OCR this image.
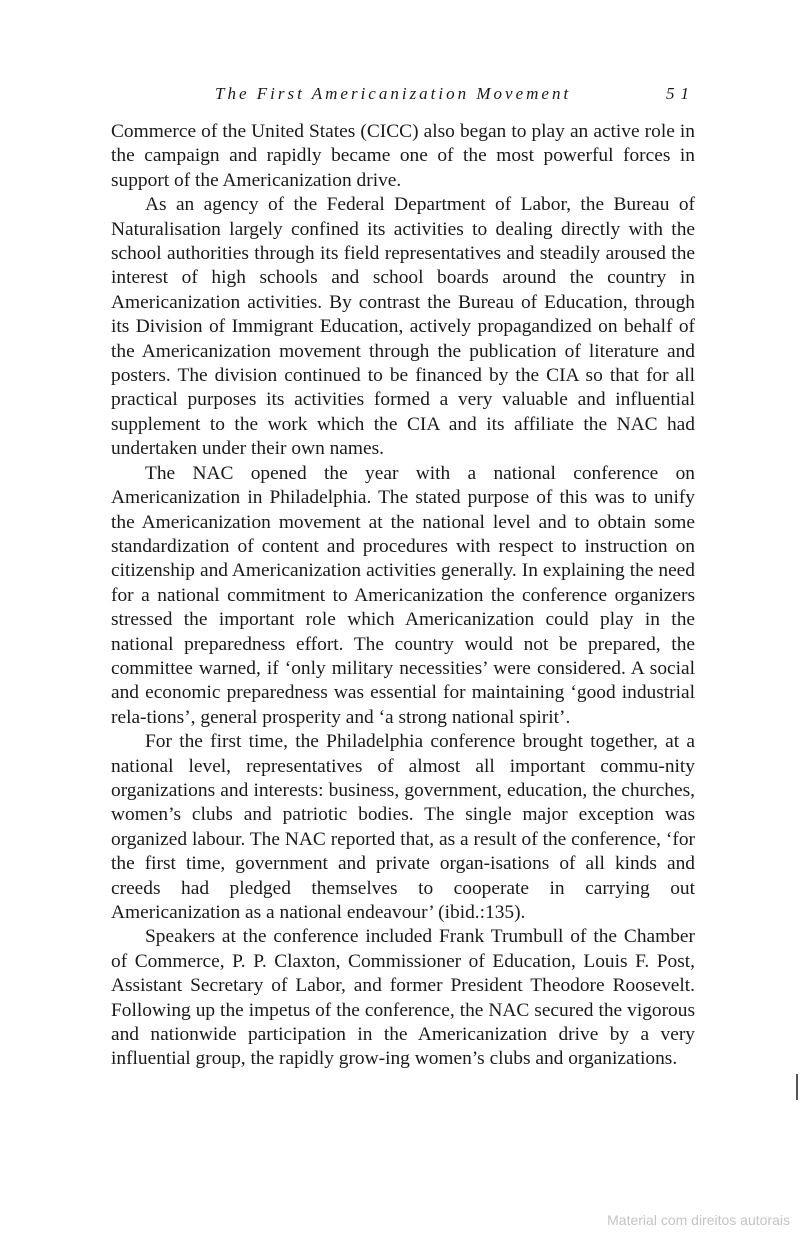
The First Americanization Movement	51

Commerce of the United States (CICC) also began to play an active role in the campaign and rapidly became one of the most powerful forces in support of the Americanization drive.

As an agency of the Federal Department of Labor, the Bureau of Naturalisation largely confined its activities to dealing directly with the school authorities through its field representatives and steadily aroused the interest of high schools and school boards around the country in Americanization activities. By contrast the Bureau of Education, through its Division of Immigrant Education, actively propagandized on behalf of the Americanization movement through the publication of literature and posters. The division continued to be financed by the CIA so that for all practical purposes its activities formed a very valuable and influential supplement to the work which the CIA and its affiliate the NAC had undertaken under their own names.

The NAC opened the year with a national conference on Americanization in Philadelphia. The stated purpose of this was to unify the Americanization movement at the national level and to obtain some standardization of content and procedures with respect to instruction on citizenship and Americanization activities generally. In explaining the need for a national commitment to Americanization the conference organizers stressed the important role which Americanization could play in the national preparedness effort. The country would not be prepared, the committee warned, if ‘only military necessities’ were considered. A social and economic preparedness was essential for maintaining ‘good industrial rela-tions’, general prosperity and ‘a strong national spirit’.

For the first time, the Philadelphia conference brought together, at a national level, representatives of almost all important commu-nity organizations and interests: business, government, education, the churches, women’s clubs and patriotic bodies. The single major exception was organized labour. The NAC reported that, as a result of the conference, ‘for the first time, government and private organ-isations of all kinds and creeds had pledged themselves to cooperate in carrying out Americanization as a national endeavour’ (ibid.:135).

Speakers at the conference included Frank Trumbull of the Chamber of Commerce, P. P. Claxton, Commissioner of Education, Louis F. Post, Assistant Secretary of Labor, and former President Theodore Roosevelt. Following up the impetus of the conference, the NAC secured the vigorous and nationwide participation in the Americanization drive by a very influential group, the rapidly grow-ing women’s clubs and organizations.

Material com direitos autorais
